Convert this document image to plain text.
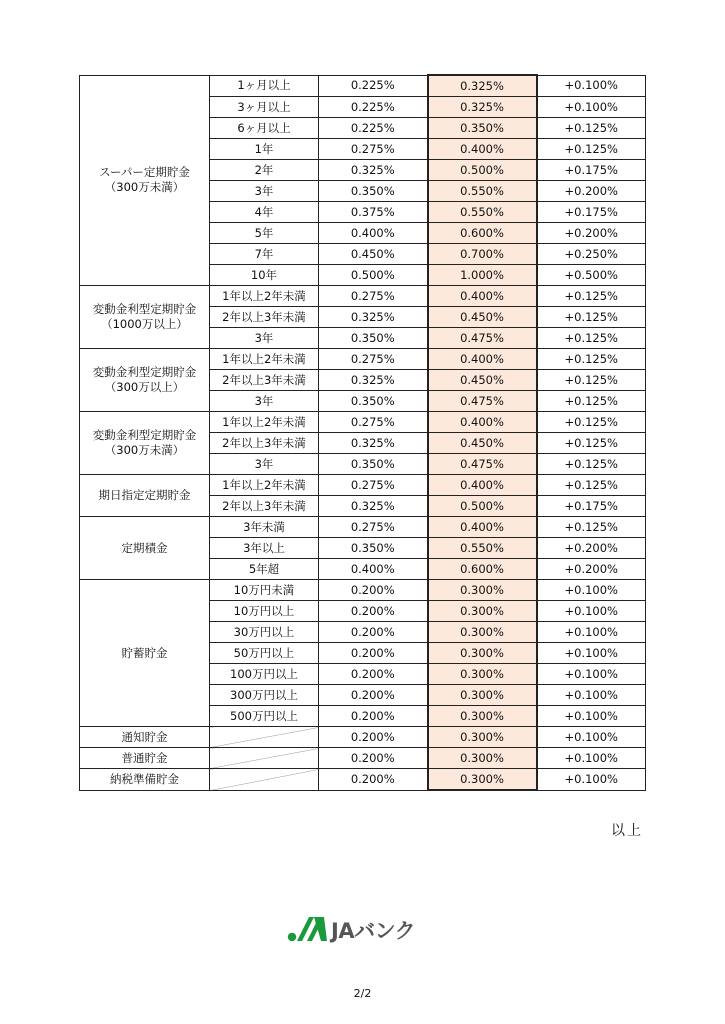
スーパー定期貯金
（300万未満）	1ヶ月以上	0.225%	0.325%	+0.100%
	3ヶ月以上	0.225%	0.325%	+0.100%
	6ヶ月以上	0.225%	0.350%	+0.125%
	1年	0.275%	0.400%	+0.125%
	2年	0.325%	0.500%	+0.175%
	3年	0.350%	0.550%	+0.200%
	4年	0.375%	0.550%	+0.175%
	5年	0.400%	0.600%	+0.200%
	7年	0.450%	0.700%	+0.250%
	10年	0.500%	1.000%	+0.500%
変動金利型定期貯金
（1000万以上）	1年以上2年未満	0.275%	0.400%	+0.125%
	2年以上3年未満	0.325%	0.450%	+0.125%
	3年	0.350%	0.475%	+0.125%
変動金利型定期貯金
（300万以上）	1年以上2年未満	0.275%	0.400%	+0.125%
	2年以上3年未満	0.325%	0.450%	+0.125%
	3年	0.350%	0.475%	+0.125%
変動金利型定期貯金
（300万未満）	1年以上2年未満	0.275%	0.400%	+0.125%
	2年以上3年未満	0.325%	0.450%	+0.125%
	3年	0.350%	0.475%	+0.125%
期日指定定期貯金	1年以上2年未満	0.275%	0.400%	+0.125%
	2年以上3年未満	0.325%	0.500%	+0.175%
定期積金	3年未満	0.275%	0.400%	+0.125%
	3年以上	0.350%	0.550%	+0.200%
	5年超	0.400%	0.600%	+0.200%
貯蓄貯金	10万円未満	0.200%	0.300%	+0.100%
	10万円以上	0.200%	0.300%	+0.100%
	30万円以上	0.200%	0.300%	+0.100%
	50万円以上	0.200%	0.300%	+0.100%
	100万円以上	0.200%	0.300%	+0.100%
	300万円以上	0.200%	0.300%	+0.100%
	500万円以上	0.200%	0.300%	+0.100%
通知貯金		0.200%	0.300%	+0.100%
普通貯金		0.200%	0.300%	+0.100%
納税準備貯金		0.200%	0.300%	+0.100%
以上
JAバンク
2/2
